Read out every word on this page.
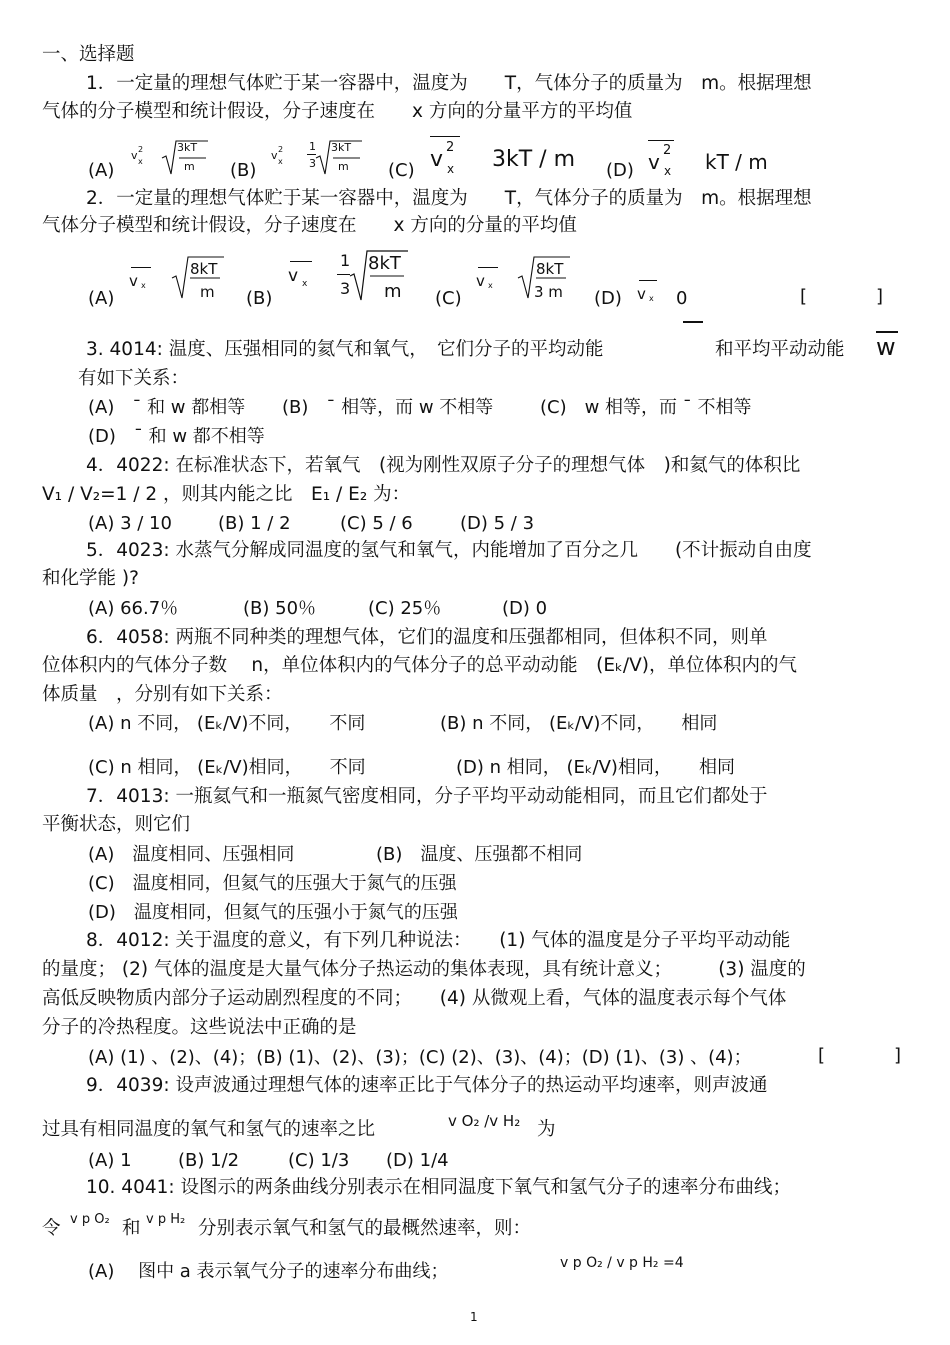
一、选择题
1．一定量的理想气体贮于某一容器中，温度为　　T，气体分子的质量为　m。根据理想
气体的分子模型和统计假设，分子速度在　　x 方向的分量平方的平均值
(A)
v 2
x
3kT
m (B)
v 2
x
1
3
3kT
m (C) v 2
x 3kT / m (D) v 2
x kT / m
2．一定量的理想气体贮于某一容器中，温度为　　T，气体分子的质量为　m。根据理想
气体分子模型和统计假设，分子速度在　　x 方向的分量的平均值
(A)
v x
8kT
m (B)
v x
1
3
8kT
m (C)
v x
8kT
3 m (D) v x 0	[	]
3. 4014: 温度、压强相同的氦气和氧气，　它们分子的平均动能	和平均平动动能 w
有如下关系：
(A)　¯ 和 w 都相等 (B)　¯ 相等，而 w 不相等	(C)　w 相等，而 ¯ 不相等
(D)　¯ 和 w 都不相等
4．4022: 在标准状态下，若氧气　(视为刚性双原子分子的理想气体　)和氦气的体积比
V₁ / V₂=1 / 2 ，则其内能之比　E₁ / E₂ 为：
(A) 3 / 10	(B) 1 / 2	(C) 5 / 6	(D) 5 / 3
5．4023: 水蒸气分解成同温度的氢气和氧气，内能增加了百分之几　　(不计振动自由度
和化学能 )?
(A) 66.7％	(B) 50％	(C) 25％	(D) 0
6．4058: 两瓶不同种类的理想气体，它们的温度和压强都相同，但体积不同，则单
位体积内的气体分子数　 n，单位体积内的气体分子的总平动动能　(Eₖ/V)，单位体积内的气
体质量　，分别有如下关系：
(A) n 不同， (Eₖ/V)不同，　　不同	(B) n 不同， (Eₖ/V)不同，　　相同
(C) n 相同， (Eₖ/V)相同，　　不同	(D) n 相同， (Eₖ/V)相同，　　相同
7．4013: 一瓶氦气和一瓶氮气密度相同，分子平均平动动能相同，而且它们都处于
平衡状态，则它们
(A)　温度相同、压强相同	(B)　温度、压强都不相同
(C)　温度相同，但氦气的压强大于氮气的压强
(D)　温度相同，但氦气的压强小于氮气的压强
8．4012: 关于温度的意义，有下列几种说法：　　(1) 气体的温度是分子平均平动动能
的量度； (2) 气体的温度是大量气体分子热运动的集体表现，具有统计意义；　　　(3) 温度的
高低反映物质内部分子运动剧烈程度的不同；　　(4) 从微观上看，气体的温度表示每个气体
分子的冷热程度。这些说法中正确的是
(A) (1) 、(2)、(4)；(B) (1)、(2)、(3)；(C) (2)、(3)、(4)；(D) (1)、(3) 、(4)；	[	]
9．4039: 设声波通过理想气体的速率正比于气体分子的热运动平均速率，则声波通
过具有相同温度的氧气和氢气的速率之比	v O₂ /v H₂ 为
(A) 1	(B) 1/2	(C) 1/3 (D) 1/4
10. 4041: 设图示的两条曲线分别表示在相同温度下氧气和氢气分子的速率分布曲线；
令 v p O₂ 和 v p H₂ 分别表示氧气和氢气的最概然速率，则：
(A)　 图中 a 表示氧气分子的速率分布曲线；	v p O₂ / v p H₂ =4
1
